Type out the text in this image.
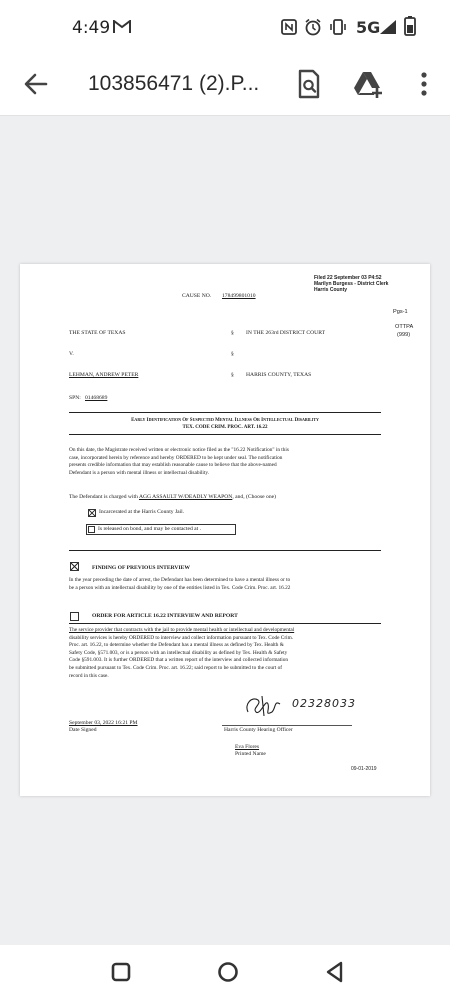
4:49	5G
103856471 (2).P...
Filed 22 September 03 P4:52
Marilyn Burgess - District Clerk
Harris County
CAUSE NO. 178499801010
Pgs-1
OTTPA
(999)
THE STATE OF TEXAS	§ IN THE 263rd DISTRICT COURT
V.	§
LEHMAN, ANDREW PETER	§ HARRIS COUNTY, TEXAS
SPN: 01468689
Early Identification Of Suspected Mental Illness Or Intellectual Disability
TEX. CODE CRIM. PROC. ART. 16.22
On this date, the Magistrate received written or electronic notice filed as the "16.22 Notification" in this
case, incorporated herein by reference and hereby ORDERED to be kept under seal. The notification
presents credible information that may establish reasonable cause to believe that the above-named
Defendant is a person with mental illness or intellectual disability.
The Defendant is charged with AGG ASSAULT W/DEADLY WEAPON, and, (Choose one)
Incarcerated at the Harris County Jail.
Is released on bond, and may be contacted at .
FINDING OF PREVIOUS INTERVIEW
In the year preceding the date of arrest, the Defendant has been determined to have a mental illness or to
be a person with an intellectual disability by one of the entities listed in Tex. Code Crim. Proc. art. 16.22
ORDER FOR ARTICLE 16.22 INTERVIEW AND REPORT
The service provider that contracts with the jail to provide mental health or intellectual and developmental
disability services is hereby ORDERED to interview and collect information pursuant to Tex. Code Crim.
Proc. art. 16.22, to determine whether the Defendant has a mental illness as defined by Tex. Health &
Safety Code, §571.003, or is a person with an intellectual disability as defined by Tex. Health & Safety
Code §591.003. It is further ORDERED that a written report of the interview and collected information
be submitted pursuant to Tex. Code Crim. Proc. art. 16.22; said report to be submitted to the court of
record in this case.
02328033
September 03, 2022 16:21 PM
Date Signed	Harris County Hearing Officer
Eva Flores
Printed Name
09-01-2019
